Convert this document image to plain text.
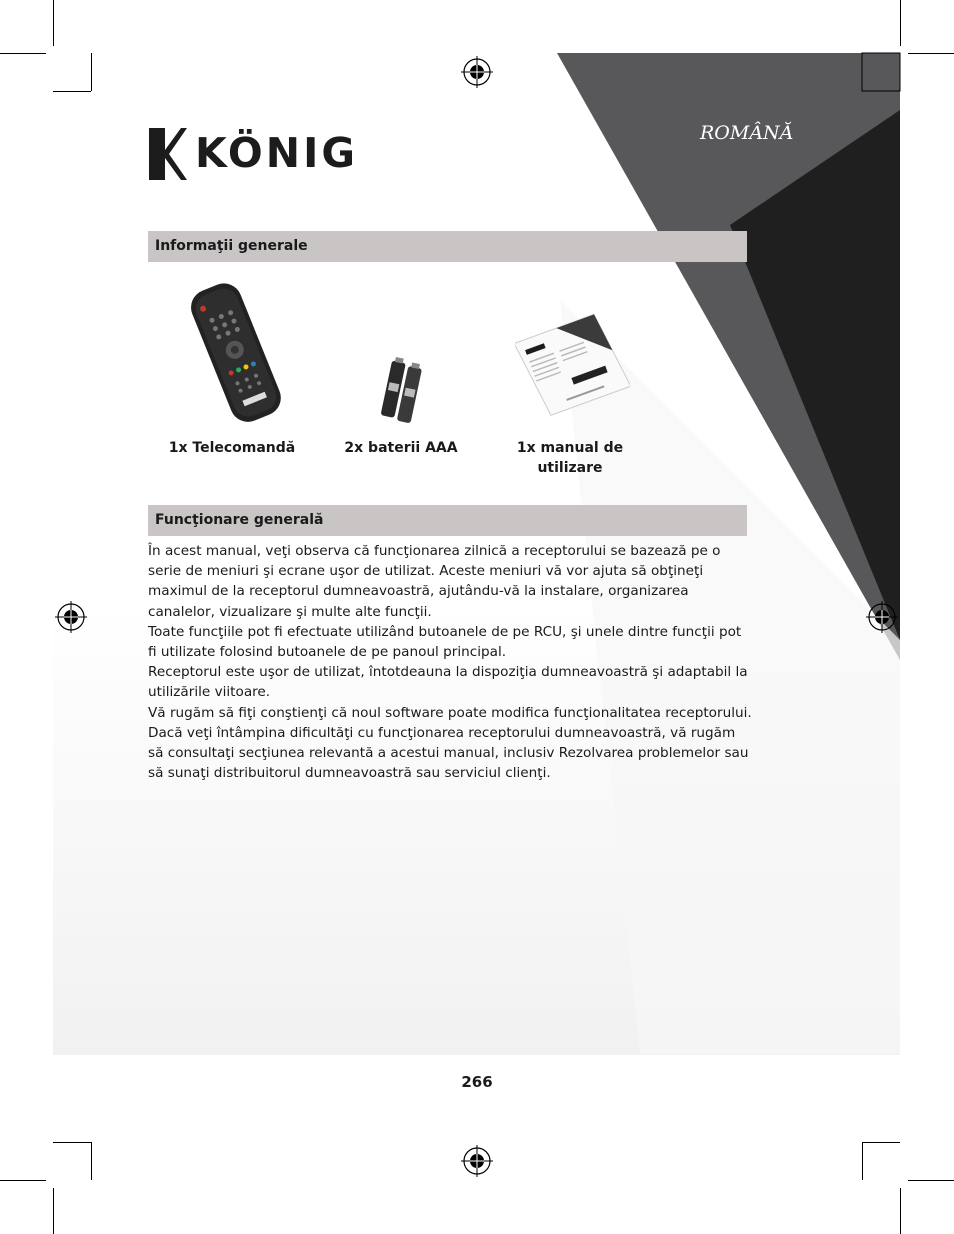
KÖNIG	ROMÂNĂ
Informaţii generale
1x Telecomandă	2x baterii AAA	1x manual de
utilizare
Funcţionare generală

În acest manual, veţi observa că funcţionarea zilnică a receptorului se bazează pe o serie de meniuri şi ecrane uşor de utilizat. Aceste meniuri vă vor ajuta să obţineţi maximul de la receptorul dumneavoastră, ajutându-vă la instalare, organizarea canalelor, vizualizare şi multe alte funcţii.

Toate funcţiile pot fi efectuate utilizând butoanele de pe RCU, şi unele dintre funcţii pot fi utilizate folosind butoanele de pe panoul principal.

Receptorul este uşor de utilizat, întotdeauna la dispoziţia dumneavoastră şi adaptabil la utilizările viitoare.

Vă rugăm să fiţi conştienţi că noul software poate modifica funcţionalitatea receptorului.

Dacă veţi întâmpina dificultăţi cu funcţionarea receptorului dumneavoastră, vă rugăm să consultaţi secţiunea relevantă a acestui manual, inclusiv Rezolvarea problemelor sau să sunaţi distribuitorul dumneavoastră sau serviciul clienţi.

266
